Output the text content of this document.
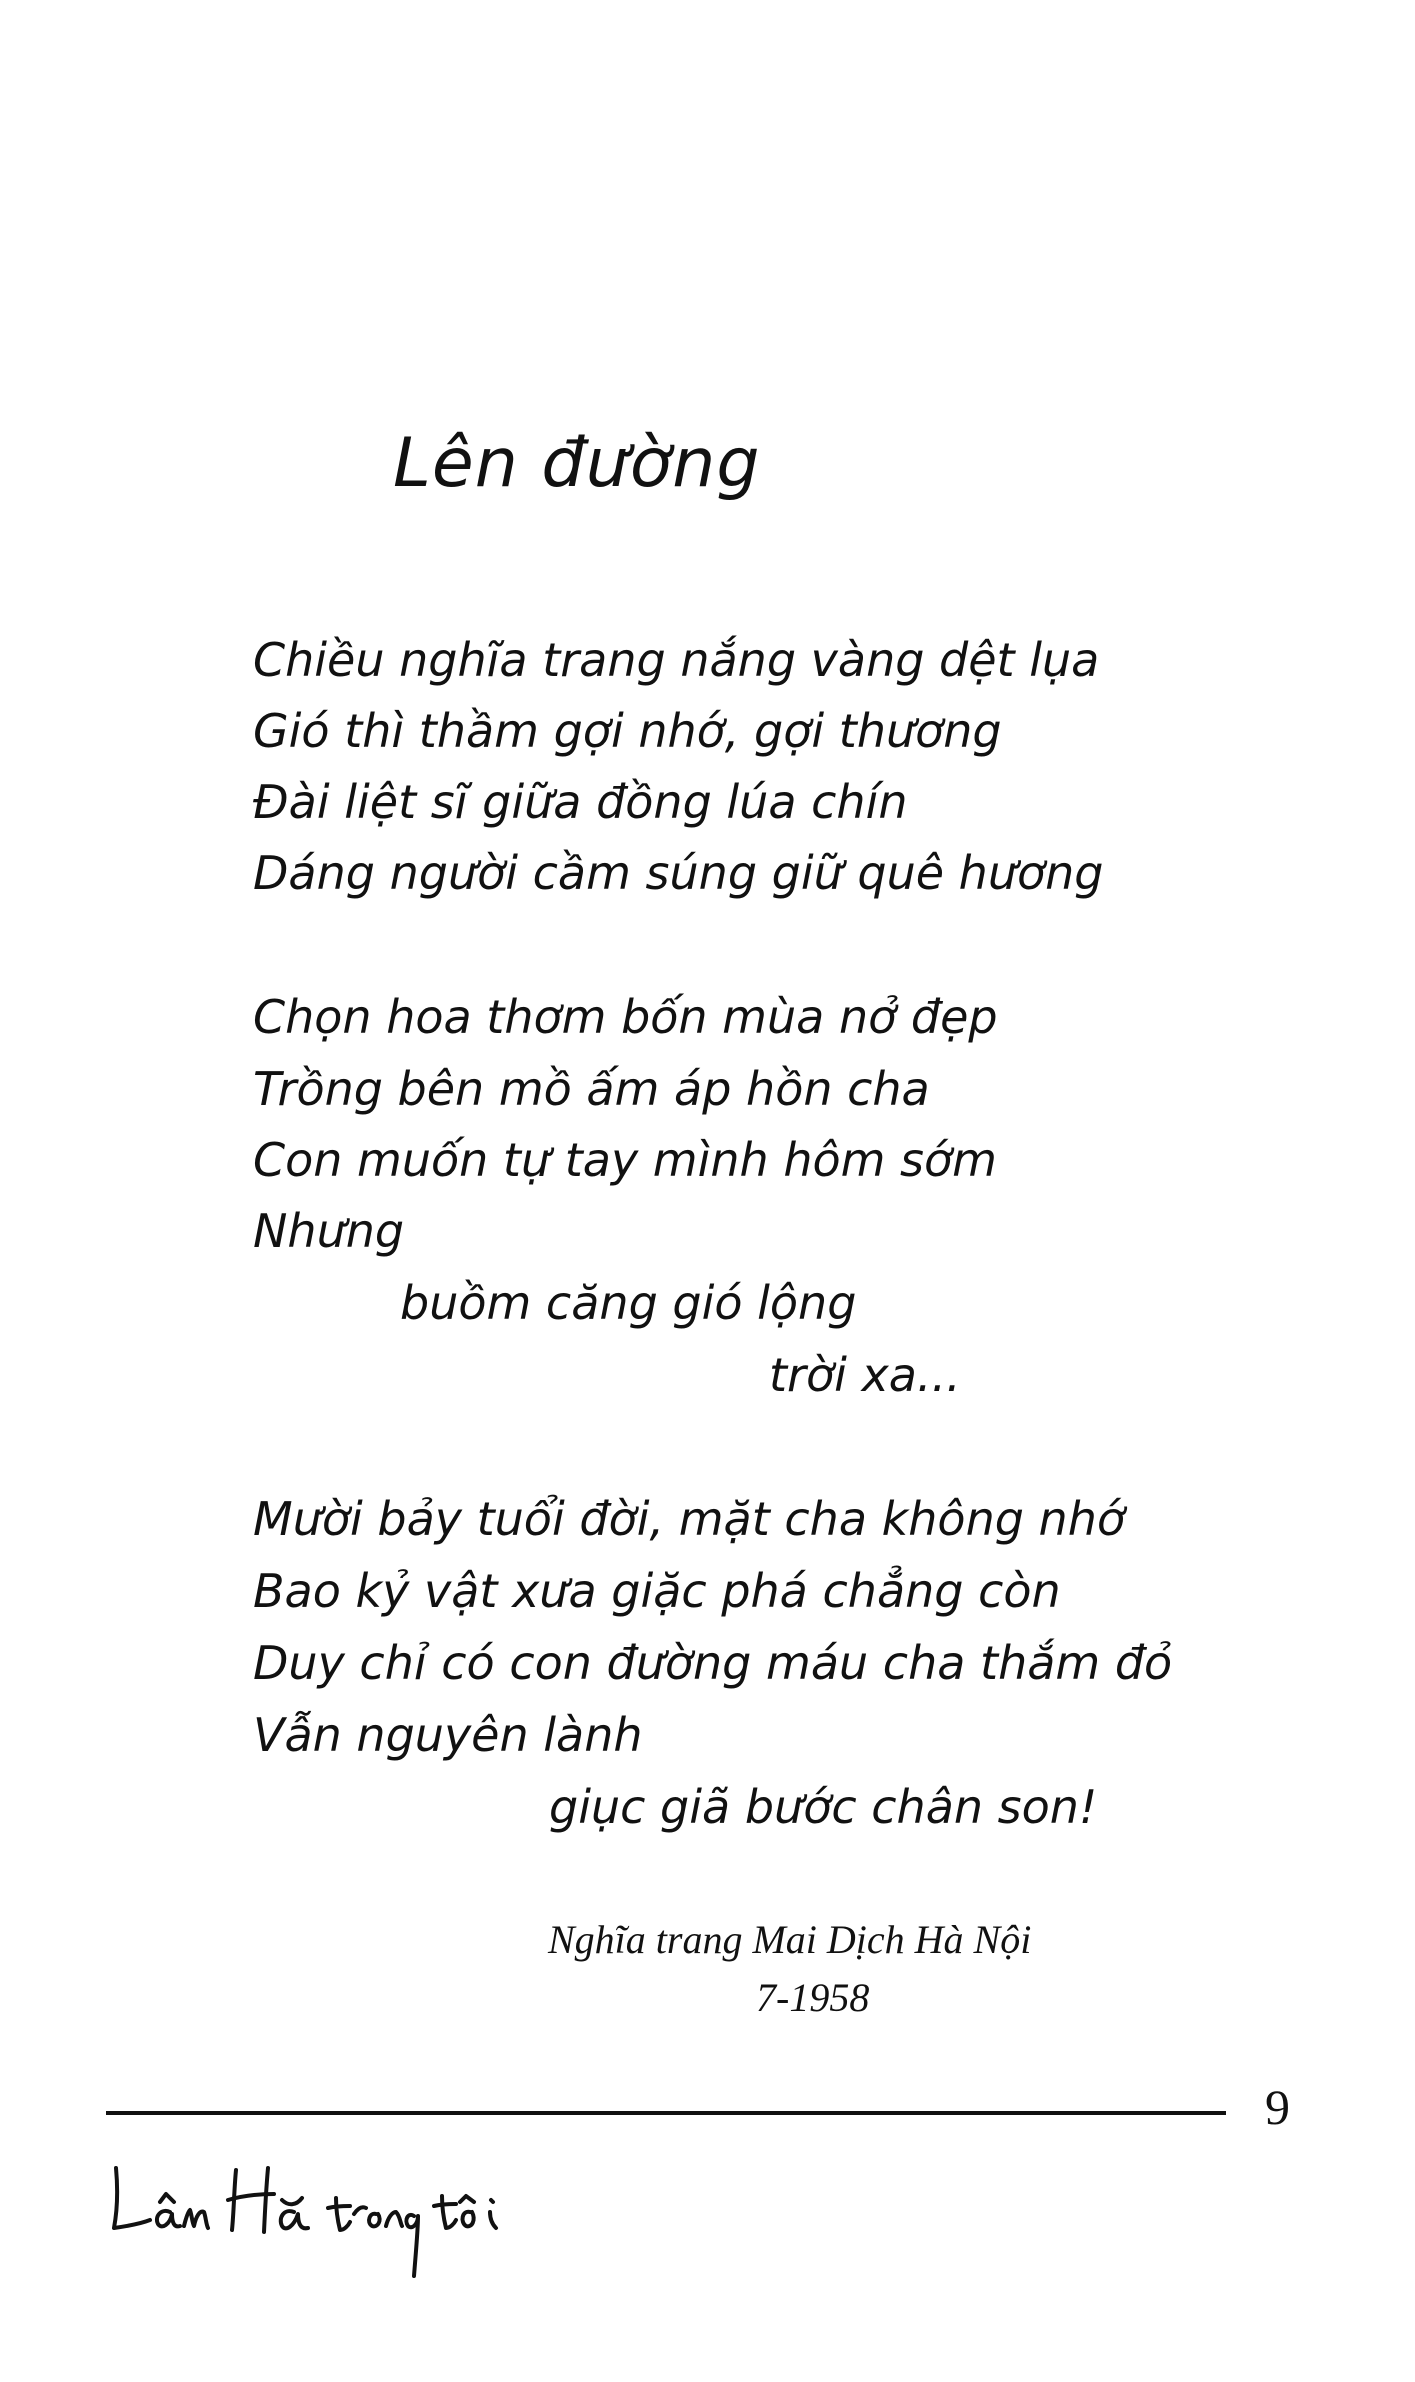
Lên đường

Chiều nghĩa trang nắng vàng dệt lụa

Gió thì thầm gợi nhớ, gợi thương

Đài liệt sĩ giữa đồng lúa chín

Dáng người cầm súng giữ quê hương

Chọn hoa thơm bốn mùa nở đẹp

Trồng bên mồ ấm áp hồn cha

Con muốn tự tay mình hôm sớm

Nhưng

buồm căng gió lộng

trời xa...

Mười bảy tuổi đời, mặt cha không nhớ

Bao kỷ vật xưa giặc phá chẳng còn

Duy chỉ có con đường máu cha thắm đỏ

Vẫn nguyên lành

giục giã bước chân son!

Nghĩa trang Mai Dịch Hà Nội

7-1958

9
